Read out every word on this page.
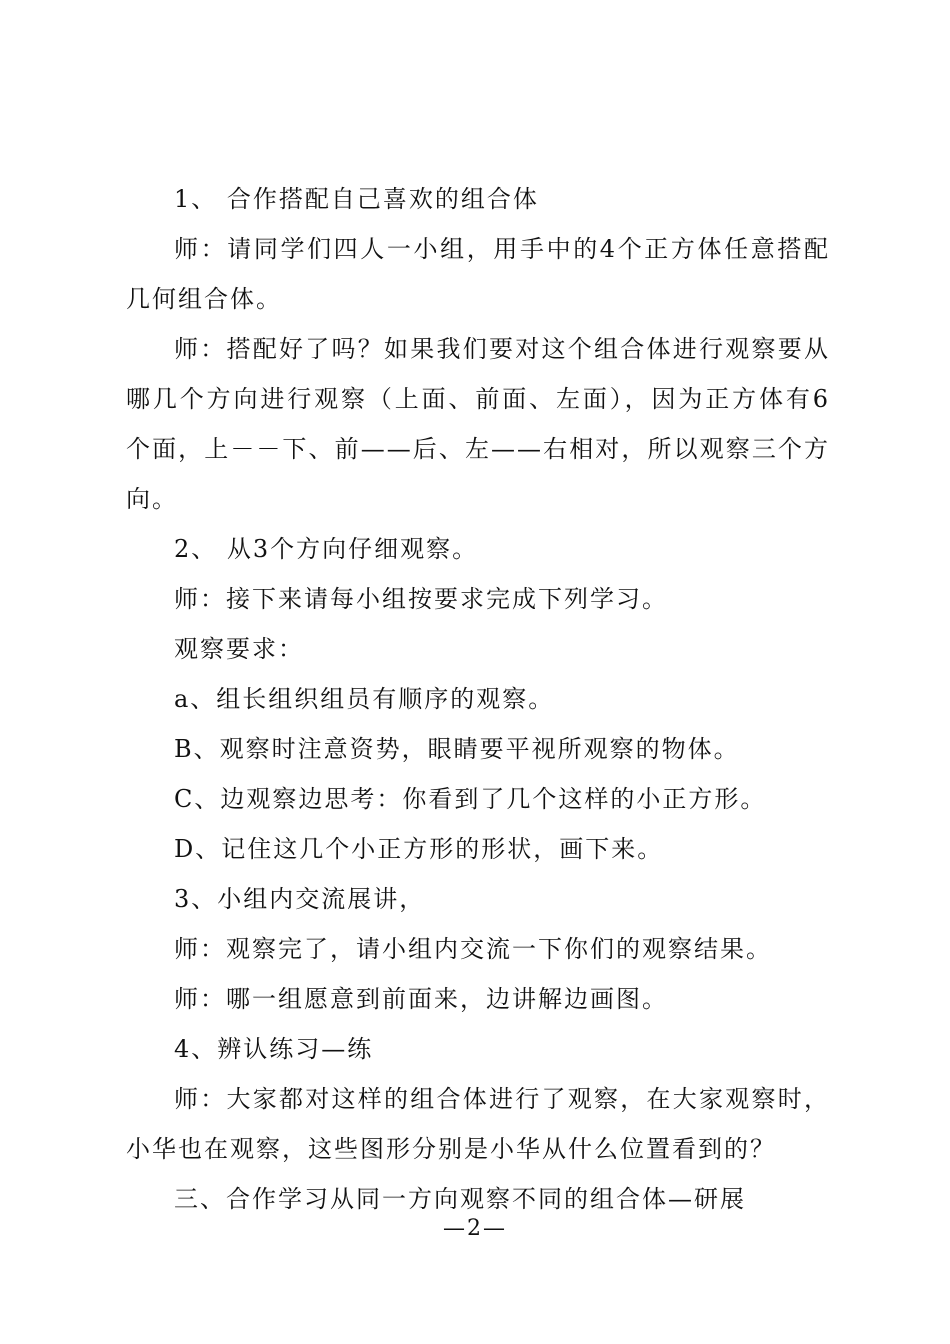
1、 合作搭配自己喜欢的组合体

师：请同学们四人一小组，用手中的4个正方体任意搭配几何组合体。

师：搭配好了吗？如果我们要对这个组合体进行观察要从哪几个方向进行观察（上面、前面、左面），因为正方体有6个面，上－－下、前——后、左——右相对，所以观察三个方向。

2、 从3个方向仔细观察。

师：接下来请每小组按要求完成下列学习。

观察要求：

a、组长组织组员有顺序的观察。

B、观察时注意资势，眼睛要平视所观察的物体。

C、边观察边思考：你看到了几个这样的小正方形。

D、记住这几个小正方形的形状，画下来。

3、小组内交流展讲，

师：观察完了，请小组内交流一下你们的观察结果。

师：哪一组愿意到前面来，边讲解边画图。

4、辨认练习—练

师：大家都对这样的组合体进行了观察，在大家观察时，小华也在观察，这些图形分别是小华从什么位置看到的？

三、合作学习从同一方向观察不同的组合体—研展

—2—
